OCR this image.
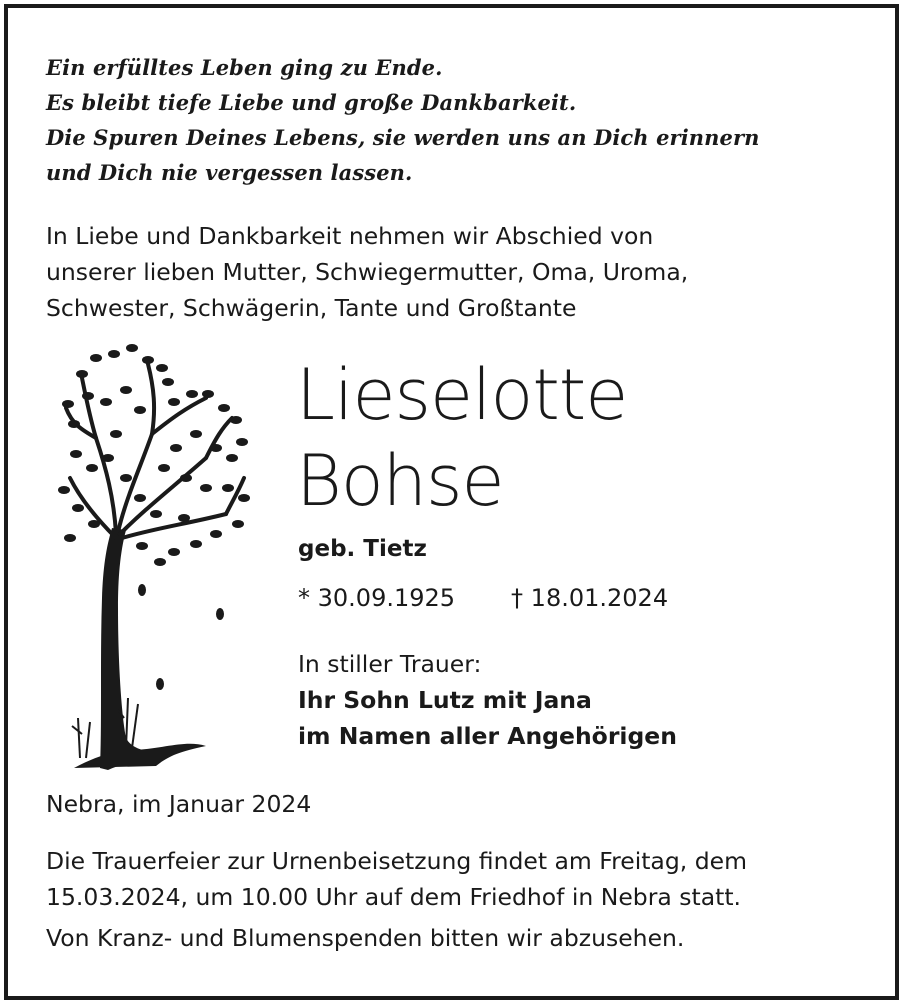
Ein erfülltes Leben ging zu Ende.
Es bleibt tiefe Liebe und große Dankbarkeit.
Die Spuren Deines Lebens, sie werden uns an Dich erinnern
und Dich nie vergessen lassen.
In Liebe und Dankbarkeit nehmen wir Abschied von
unserer lieben Mutter, Schwiegermutter, Oma, Uroma,
Schwester, Schwägerin, Tante und Großtante
Lieselotte
Bohse
geb. Tietz
* 30.09.1925 † 18.01.2024
In stiller Trauer:
Ihr Sohn Lutz mit Jana
im Namen aller Angehörigen
Nebra, im Januar 2024
Die Trauerfeier zur Urnenbeisetzung findet am Freitag, dem
15.03.2024, um 10.00 Uhr auf dem Friedhof in Nebra statt.
Von Kranz- und Blumenspenden bitten wir abzusehen.
